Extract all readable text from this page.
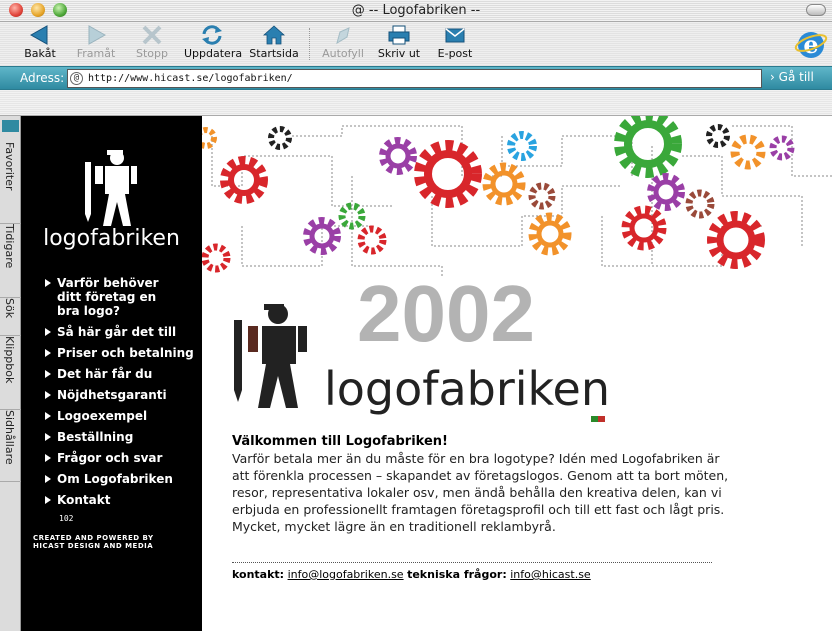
@ -- Logofabriken --
Bakåt	Framåt	Stopp	Uppdatera Startsida	Autofyll	Skriv ut	E-post	e
Adress:	@ http://www.hicast.se/logofabriken/	› Gå till
Favoriter
Tidigare
Sök
Klippbok
Sidhållare
logofabriken
Varför behöver ditt företag en bra logo?
Så här går det till
Priser och betalning
Det här får du
Nöjdhetsgaranti
Logoexempel
Beställning
Frågor och svar
Om Logofabriken
Kontakt
102
CREATED AND POWERED BY
HICAST DESIGN AND MEDIA
2002
logofabriken
Välkommen till Logofabriken!

Varför betala mer än du måste för en bra logotype? Idén med Logofabriken är att förenkla processen – skapandet av företagslogos. Genom att ta bort möten, resor, representativa lokaler osv, men ändå behålla den kreativa delen, kan vi erbjuda en professionellt framtagen företagsprofil och till ett fast och lågt pris. Mycket, mycket lägre än en traditionell reklambyrå.

kontakt: info@logofabriken.se tekniska frågor: info@hicast.se
